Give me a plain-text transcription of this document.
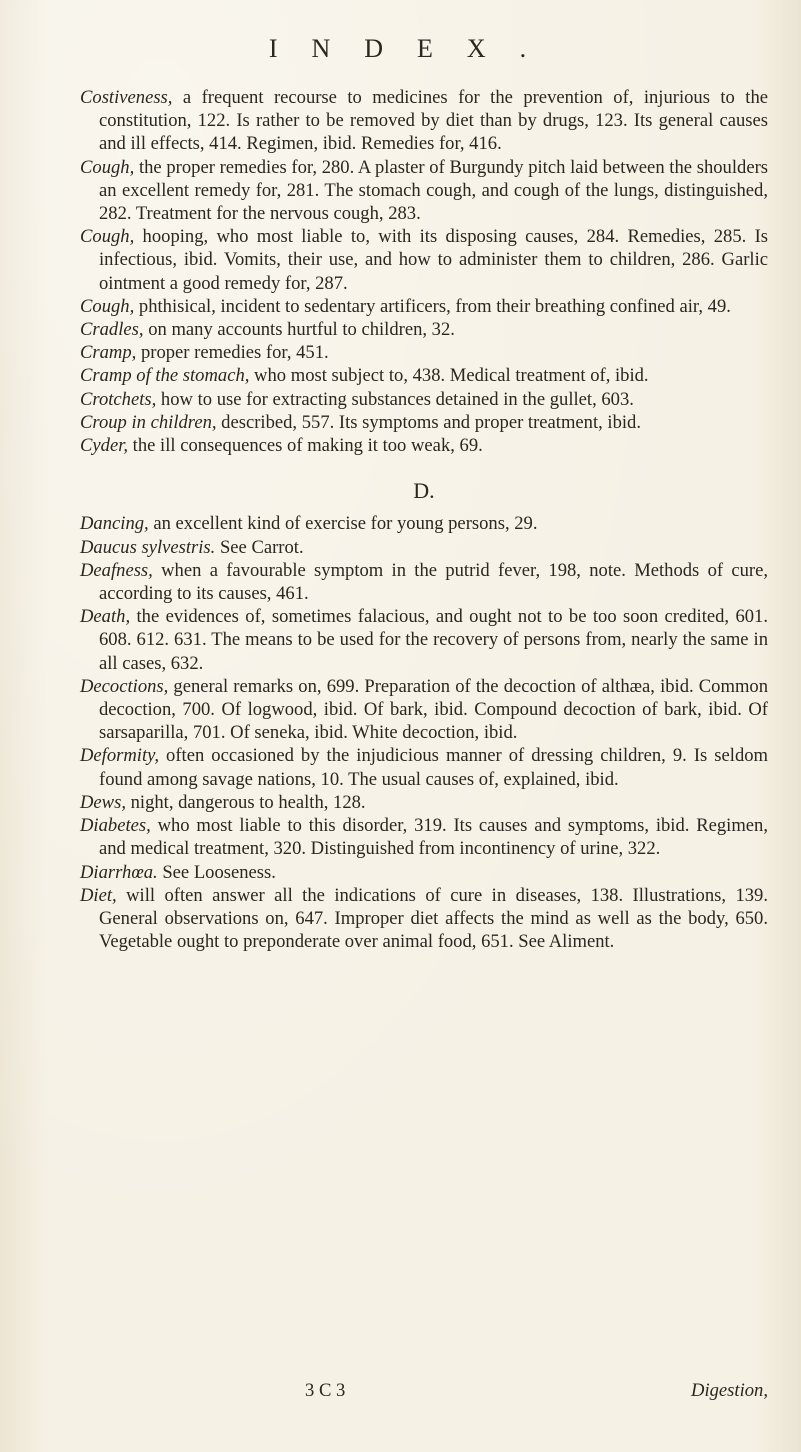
INDEX.

Costiveness, a frequent recourse to medicines for the prevention of, injurious to the constitution, 122. Is rather to be removed by diet than by drugs, 123. Its general causes and ill effects, 414. Regimen, ibid. Remedies for, 416.

Cough, the proper remedies for, 280. A plaster of Burgundy pitch laid between the shoulders an excellent remedy for, 281. The stomach cough, and cough of the lungs, distinguished, 282. Treatment for the nervous cough, 283.

Cough, hooping, who most liable to, with its disposing causes, 284. Remedies, 285. Is infectious, ibid. Vomits, their use, and how to administer them to children, 286. Garlic ointment a good remedy for, 287.

Cough, phthisical, incident to sedentary artificers, from their breathing confined air, 49.

Cradles, on many accounts hurtful to children, 32.

Cramp, proper remedies for, 451.

Cramp of the stomach, who most subject to, 438. Medical treatment of, ibid.

Crotchets, how to use for extracting substances detained in the gullet, 603.

Croup in children, described, 557. Its symptoms and proper treatment, ibid.

Cyder, the ill consequences of making it too weak, 69.

D.

Dancing, an excellent kind of exercise for young persons, 29.

Daucus sylvestris. See Carrot.

Deafness, when a favourable symptom in the putrid fever, 198, note. Methods of cure, according to its causes, 461.

Death, the evidences of, sometimes falacious, and ought not to be too soon credited, 601. 608. 612. 631. The means to be used for the recovery of persons from, nearly the same in all cases, 632.

Decoctions, general remarks on, 699. Preparation of the decoction of althæa, ibid. Common decoction, 700. Of logwood, ibid. Of bark, ibid. Compound decoction of bark, ibid. Of sarsaparilla, 701. Of seneka, ibid. White decoction, ibid.

Deformity, often occasioned by the injudicious manner of dressing children, 9. Is seldom found among savage nations, 10. The usual causes of, explained, ibid.

Dews, night, dangerous to health, 128.

Diabetes, who most liable to this disorder, 319. Its causes and symptoms, ibid. Regimen, and medical treatment, 320. Distinguished from incontinency of urine, 322.

Diarrhœa. See Looseness.

Diet, will often answer all the indications of cure in diseases, 138. Illustrations, 139. General observations on, 647. Improper diet affects the mind as well as the body, 650. Vegetable ought to preponderate over animal food, 651. See Aliment.

3 C 3	Digestion,
